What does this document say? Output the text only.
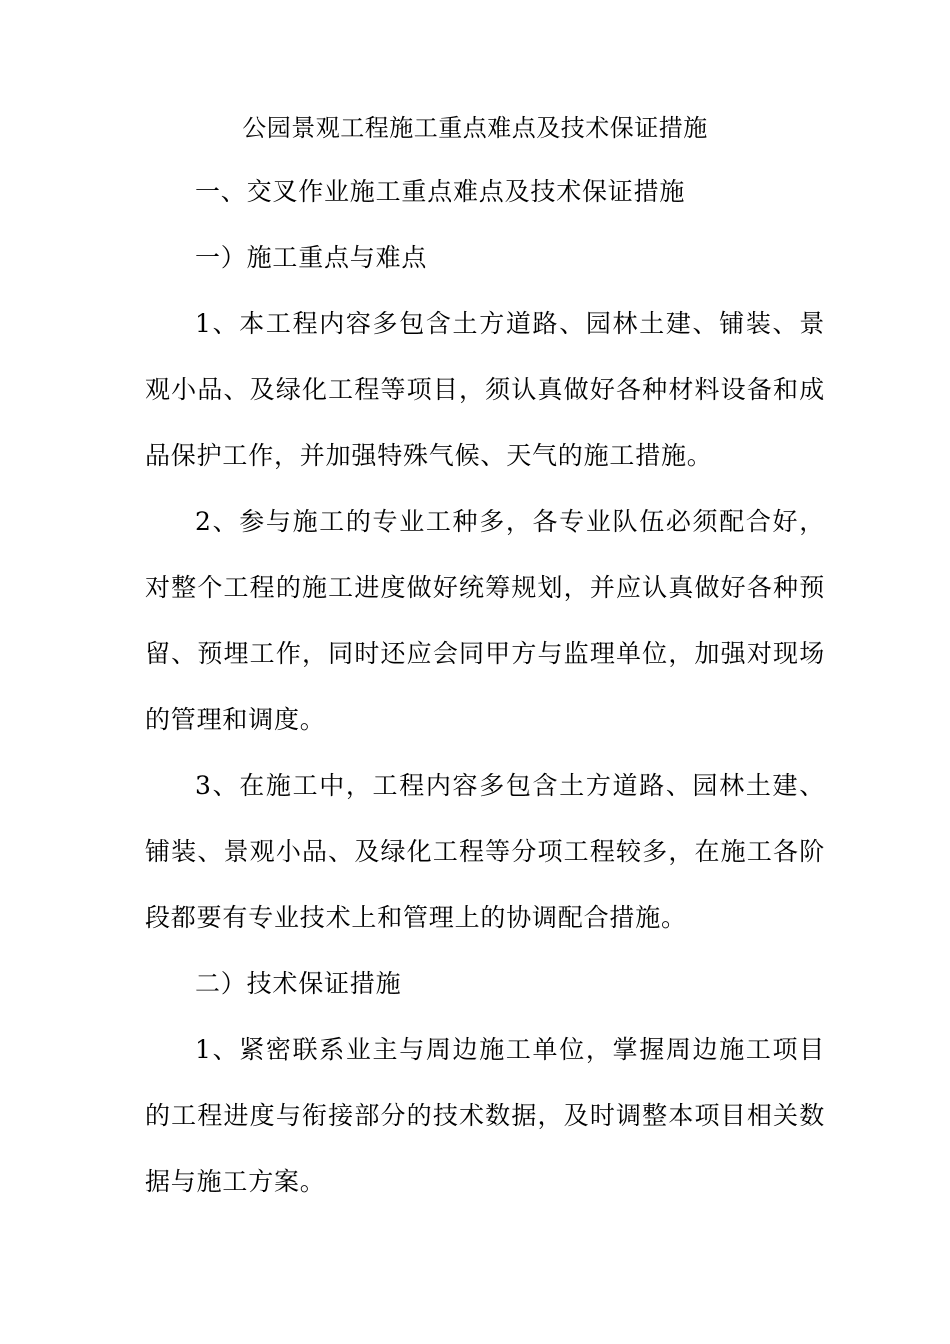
公园景观工程施工重点难点及技术保证措施

一、交叉作业施工重点难点及技术保证措施

一）施工重点与难点

1、本工程内容多包含土方道路、园林土建、铺装、景观小品、及绿化工程等项目，须认真做好各种材料设备和成品保护工作，并加强特殊气候、天气的施工措施。

2、参与施工的专业工种多，各专业队伍必须配合好，对整个工程的施工进度做好统筹规划，并应认真做好各种预留、预埋工作，同时还应会同甲方与监理单位，加强对现场的管理和调度。

3、在施工中，工程内容多包含土方道路、园林土建、铺装、景观小品、及绿化工程等分项工程较多，在施工各阶段都要有专业技术上和管理上的协调配合措施。

二）技术保证措施

1、紧密联系业主与周边施工单位，掌握周边施工项目的工程进度与衔接部分的技术数据，及时调整本项目相关数据与施工方案。
